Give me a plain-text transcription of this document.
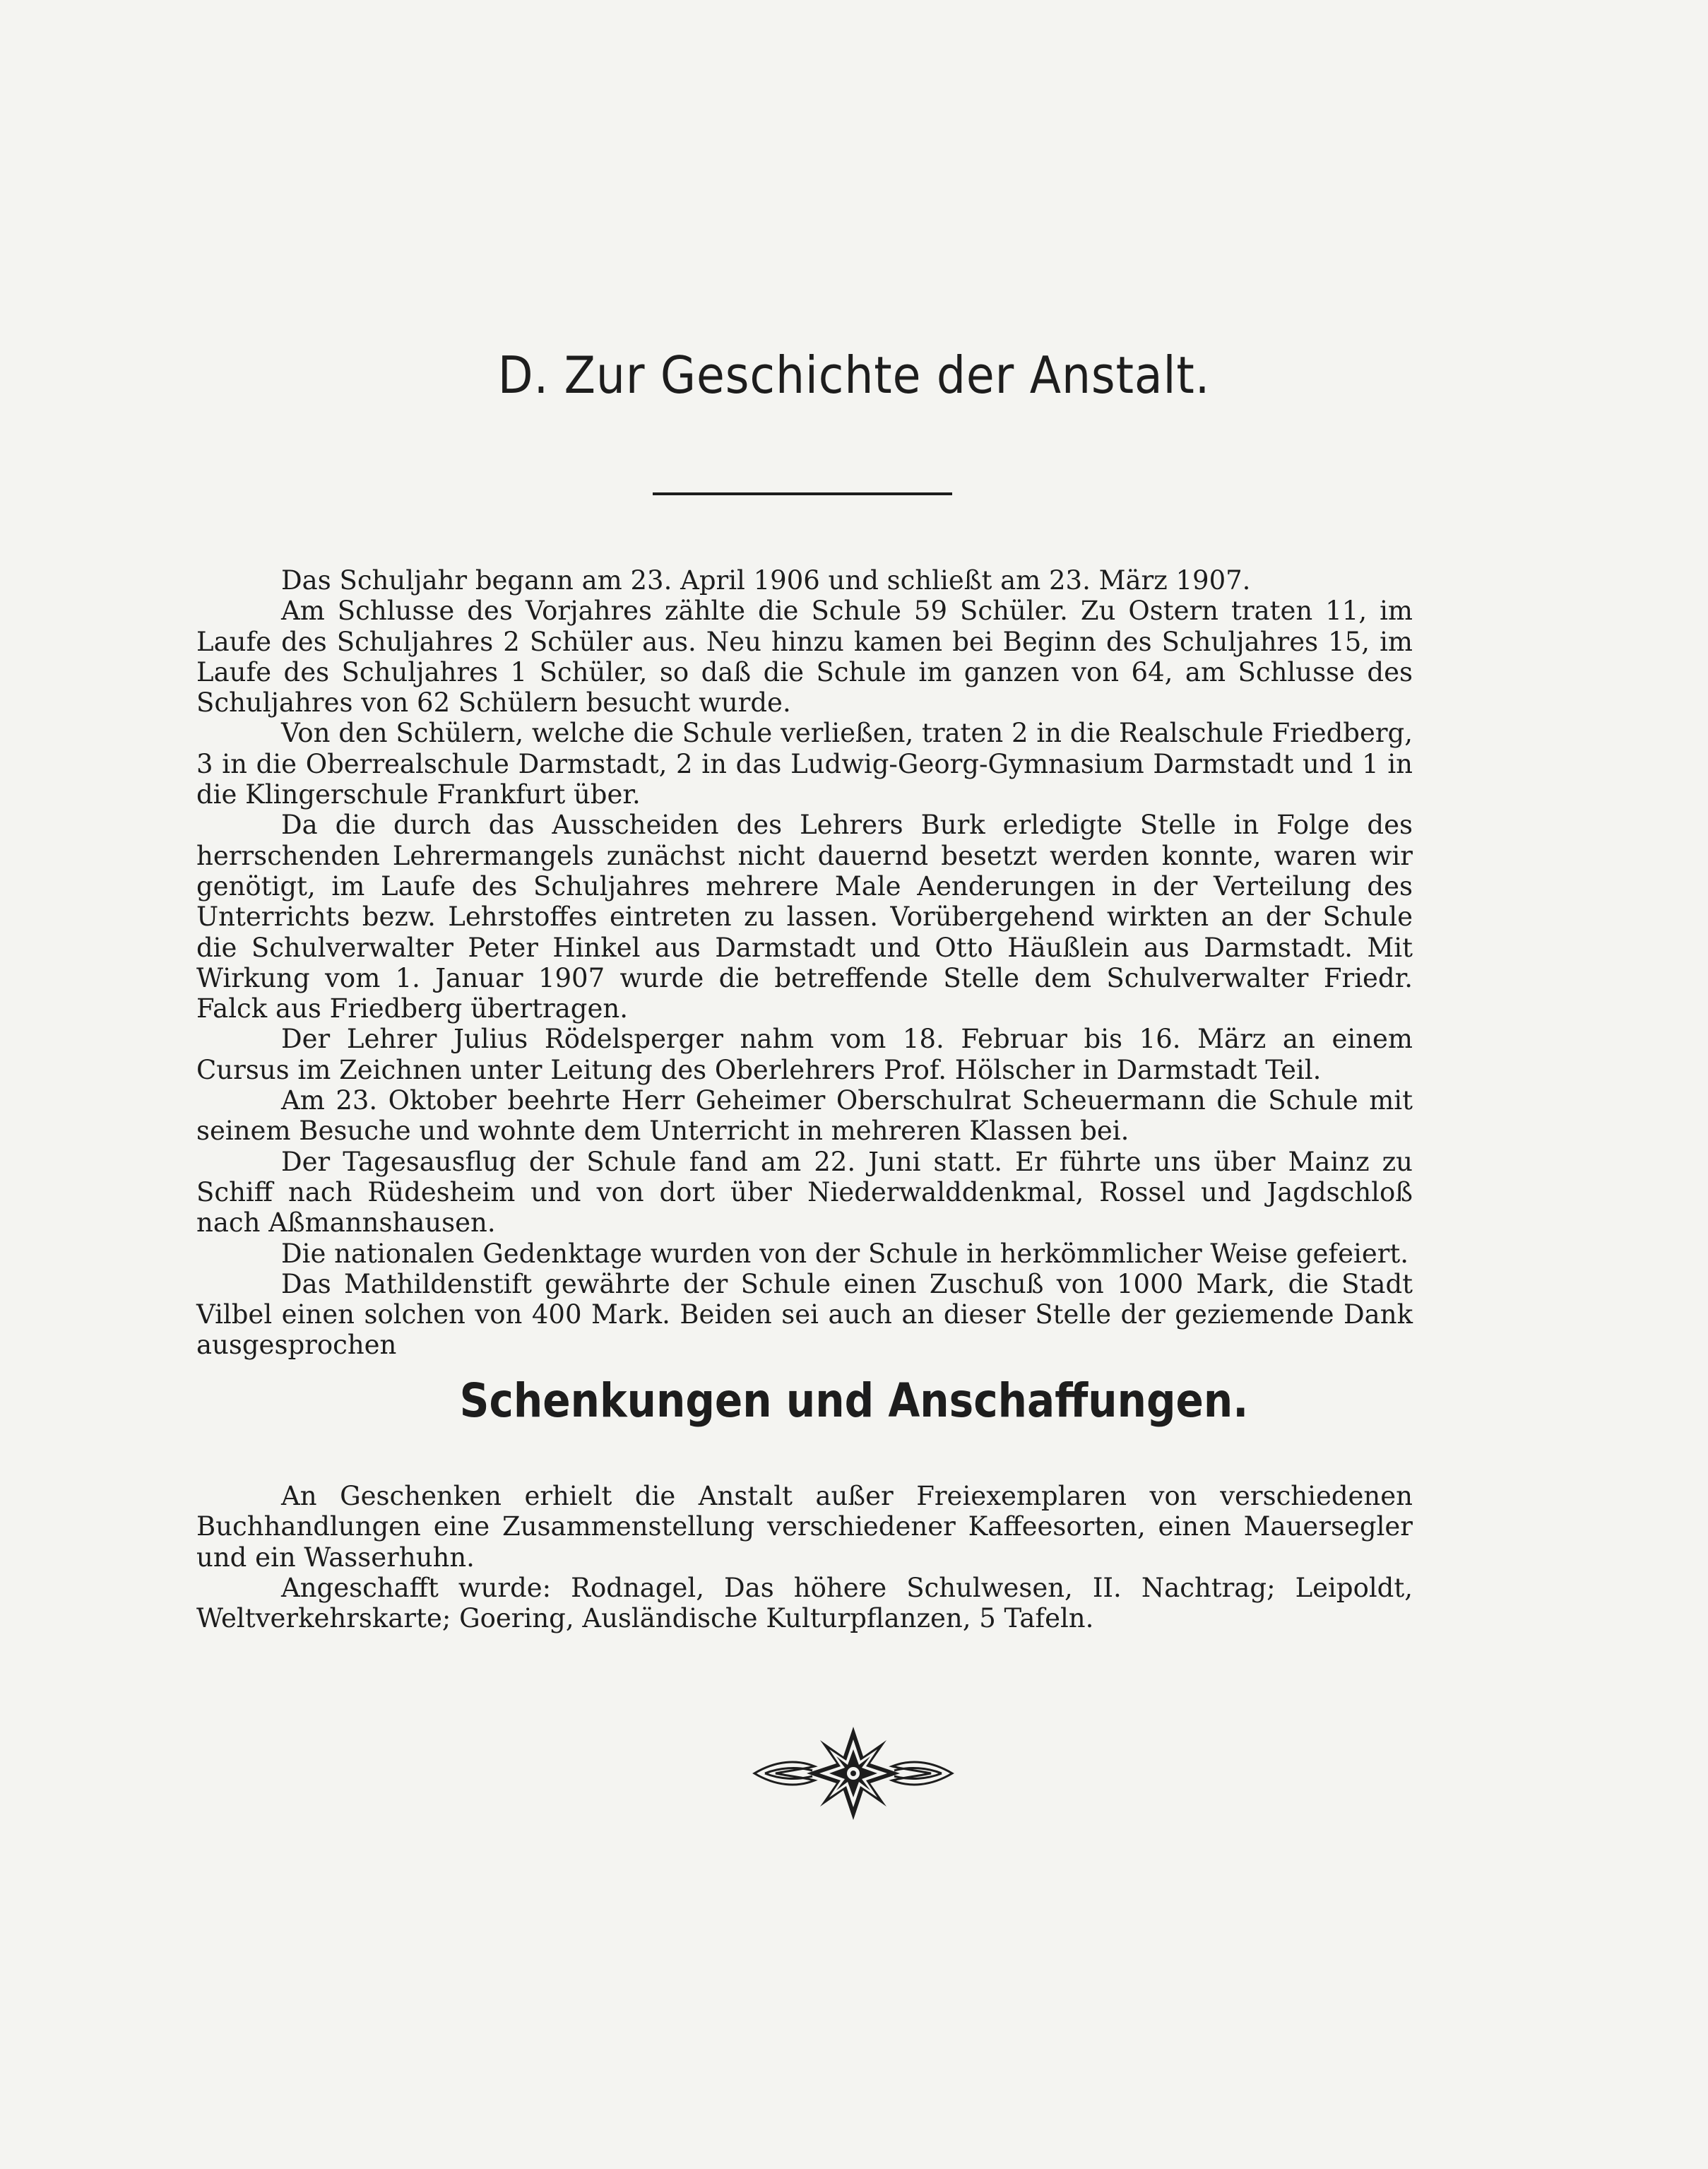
D. Zur Geschichte der Anstalt.

Das Schuljahr begann am 23. April 1906 und schließt am 23. März 1907.

Am Schlusse des Vorjahres zählte die Schule 59 Schüler. Zu Ostern traten 11, im Laufe des Schuljahres 2 Schüler aus. Neu hinzu kamen bei Beginn des Schuljahres 15, im Laufe des Schuljahres 1 Schüler, so daß die Schule im ganzen von 64, am Schlusse des Schuljahres von 62 Schülern besucht wurde.

Von den Schülern, welche die Schule verließen, traten 2 in die Realschule Friedberg, 3 in die Oberrealschule Darmstadt, 2 in das Ludwig-Georg-Gymnasium Darmstadt und 1 in die Klingerschule Frankfurt über.

Da die durch das Ausscheiden des Lehrers Burk erledigte Stelle in Folge des herrschenden Lehrermangels zunächst nicht dauernd besetzt werden konnte, waren wir genötigt, im Laufe des Schuljahres mehrere Male Aenderungen in der Verteilung des Unterrichts bezw. Lehrstoffes eintreten zu lassen. Vorübergehend wirkten an der Schule die Schulverwalter Peter Hinkel aus Darmstadt und Otto Häußlein aus Darmstadt. Mit Wirkung vom 1. Januar 1907 wurde die betreffende Stelle dem Schulverwalter Friedr. Falck aus Friedberg übertragen.

Der Lehrer Julius Rödelsperger nahm vom 18. Februar bis 16. März an einem Cursus im Zeichnen unter Leitung des Oberlehrers Prof. Hölscher in Darmstadt Teil.

Am 23. Oktober beehrte Herr Geheimer Oberschulrat Scheuermann die Schule mit seinem Besuche und wohnte dem Unterricht in mehreren Klassen bei.

Der Tagesausflug der Schule fand am 22. Juni statt. Er führte uns über Mainz zu Schiff nach Rüdesheim und von dort über Niederwalddenkmal, Rossel und Jagdschloß nach Aßmannshausen.

Die nationalen Gedenktage wurden von der Schule in herkömmlicher Weise gefeiert.

Das Mathildenstift gewährte der Schule einen Zuschuß von 1000 Mark, die Stadt Vilbel einen solchen von 400 Mark. Beiden sei auch an dieser Stelle der geziemende Dank ausgesprochen

Schenkungen und Anschaffungen.

An Geschenken erhielt die Anstalt außer Freiexemplaren von verschiedenen Buchhandlungen eine Zusammenstellung verschiedener Kaffeesorten, einen Mauersegler und ein Wasserhuhn.

Angeschafft wurde: Rodnagel, Das höhere Schulwesen, II. Nachtrag; Leipoldt, Weltverkehrskarte; Goering, Ausländische Kulturpflanzen, 5 Tafeln.
